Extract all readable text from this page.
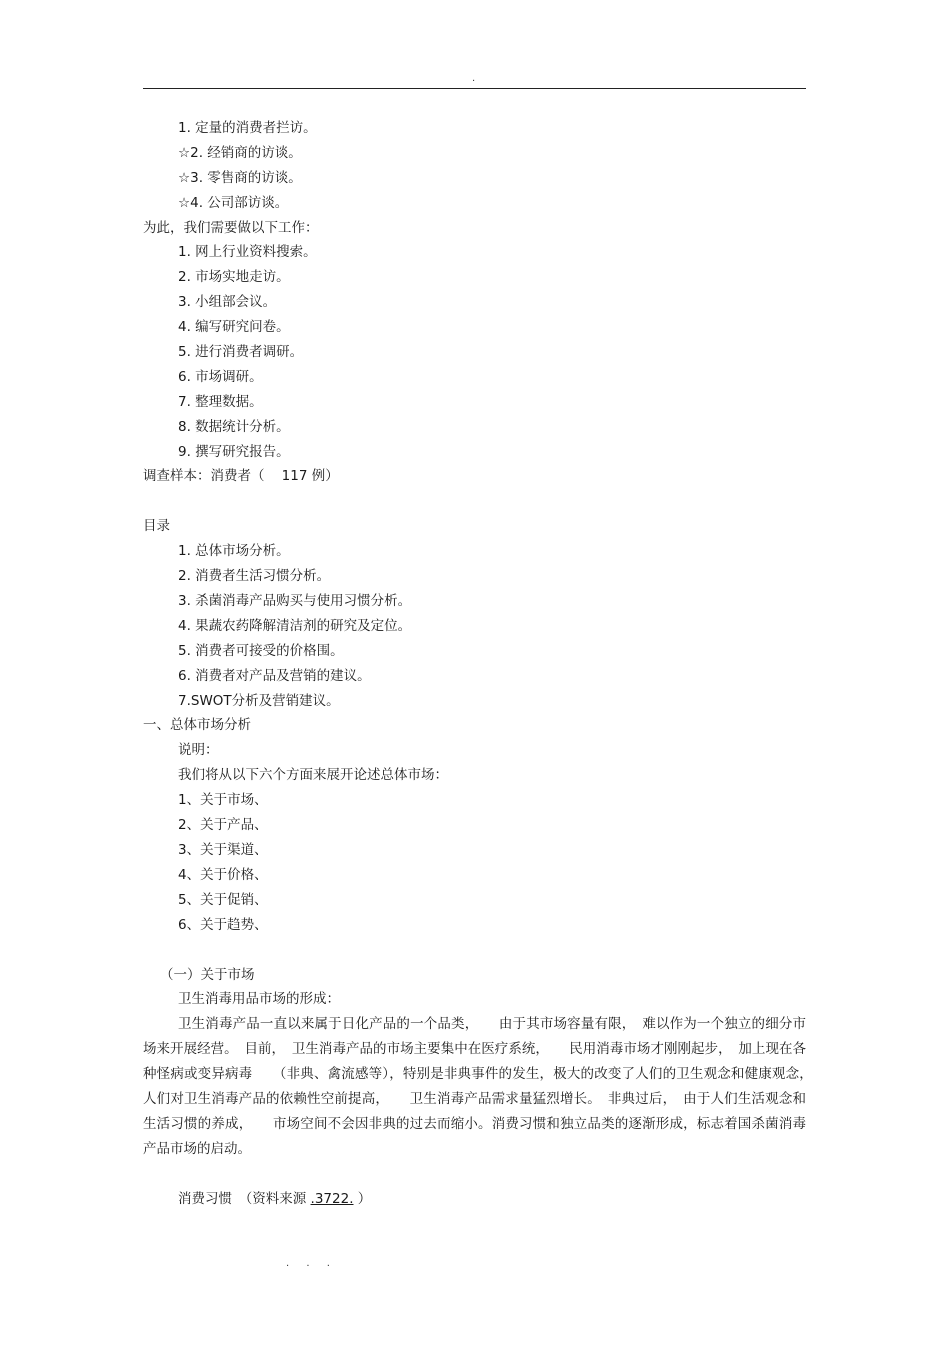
.
1. 定量的消费者拦访。
☆2. 经销商的访谈。
☆3. 零售商的访谈。
☆4. 公司部访谈。
为此，我们需要做以下工作：
1. 网上行业资料搜索。
2. 市场实地走访。
3. 小组部会议。
4. 编写研究问卷。
5. 进行消费者调研。
6. 市场调研。
7. 整理数据。
8. 数据统计分析。
9. 撰写研究报告。
调查样本：消费者（    117 例）
目录
1. 总体市场分析。
2. 消费者生活习惯分析。
3. 杀菌消毒产品购买与使用习惯分析。
4. 果蔬农药降解清洁剂的研究及定位。
5. 消费者可接受的价格围。
6. 消费者对产品及营销的建议。
7.SWOT分析及营销建议。
一、总体市场分析
说明：
我们将从以下六个方面来展开论述总体市场：
1、关于市场、
2、关于产品、
3、关于渠道、
4、关于价格、
5、关于促销、
6、关于趋势、
（一）关于市场
卫生消毒用品市场的形成：

卫生消毒产品一直以来属于日化产品的一个品类，　　由于其市场容量有限，　难以作为一个独立的细分市场来开展经营。　目前，　卫生消毒产品的市场主要集中在医疗系统，　　民用消毒市场才刚刚起步，　加上现在各种怪病或变异病毒　　（非典、禽流感等），特别是非典事件的发生，极大的改变了人们的卫生观念和健康观念，　　人们对卫生消毒产品的依赖性空前提高，　　卫生消毒产品需求量猛烈增长。　非典过后，　由于人们生活观念和生活习惯的养成，　　市场空间不会因非典的过去而缩小。消费习惯和独立品类的逐渐形成，标志着国杀菌消毒产品市场的启动。

消费习惯　（资料来源 .3722. ）
. . .
